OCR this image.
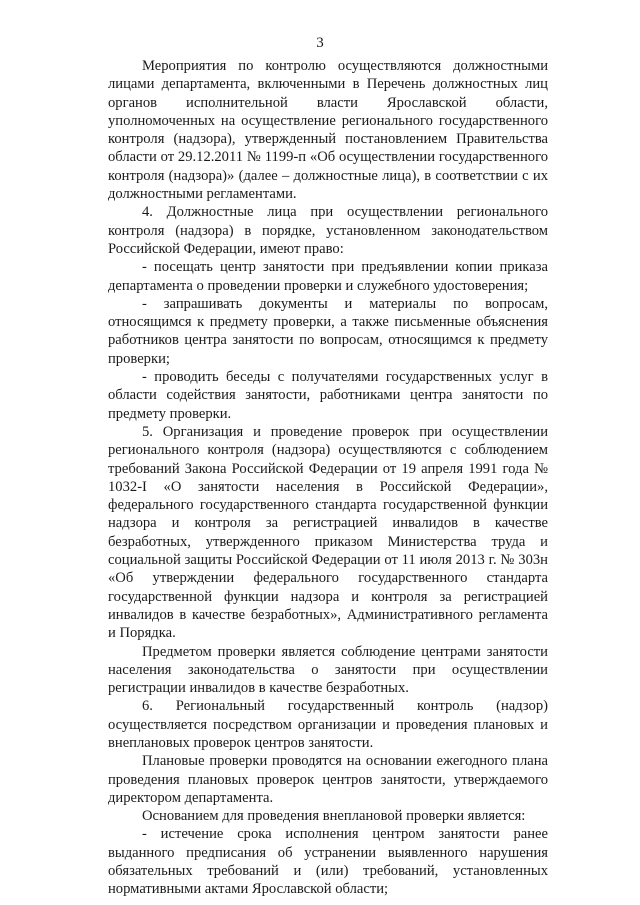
3

Мероприятия по контролю осуществляются должностными лицами департамента, включенными в Перечень должностных лиц органов исполнительной власти Ярославской области, уполномоченных на осуществление регионального государственного контроля (надзора), утвержденный постановлением Правительства области от 29.12.2011 № 1199-п «Об осуществлении государственного контроля (надзора)» (далее – должностные лица), в соответствии с их должностными регламентами.

4. Должностные лица при осуществлении регионального контроля (надзора) в порядке, установленном законодательством Российской Федерации, имеют право:

- посещать центр занятости при предъявлении копии приказа департамента о проведении проверки и служебного удостоверения;

- запрашивать документы и материалы по вопросам, относящимся к предмету проверки, а также письменные объяснения работников центра занятости по вопросам, относящимся к предмету проверки;

- проводить беседы с получателями государственных услуг в области содействия занятости, работниками центра занятости по предмету проверки.

5. Организация и проведение проверок при осуществлении регионального контроля (надзора) осуществляются с соблюдением требований Закона Российской Федерации от 19 апреля 1991 года № 1032-I «О занятости населения в Российской Федерации», федерального государственного стандарта государственной функции надзора и контроля за регистрацией инвалидов в качестве безработных, утвержденного приказом Министерства труда и социальной защиты Российской Федерации от 11 июля 2013 г. № 303н «Об утверждении федерального государственного стандарта государственной функции надзора и контроля за регистрацией инвалидов в качестве безработных», Административного регламента и Порядка.

Предметом проверки является соблюдение центрами занятости населения законодательства о занятости при осуществлении регистрации инвалидов в качестве безработных.

6. Региональный государственный контроль (надзор) осуществляется посредством организации и проведения плановых и внеплановых проверок центров занятости.

Плановые проверки проводятся на основании ежегодного плана проведения плановых проверок центров занятости, утверждаемого директором департамента.

Основанием для проведения внеплановой проверки является:

- истечение срока исполнения центром занятости ранее выданного предписания об устранении выявленного нарушения обязательных требований и (или) требований, установленных нормативными актами Ярославской области;
